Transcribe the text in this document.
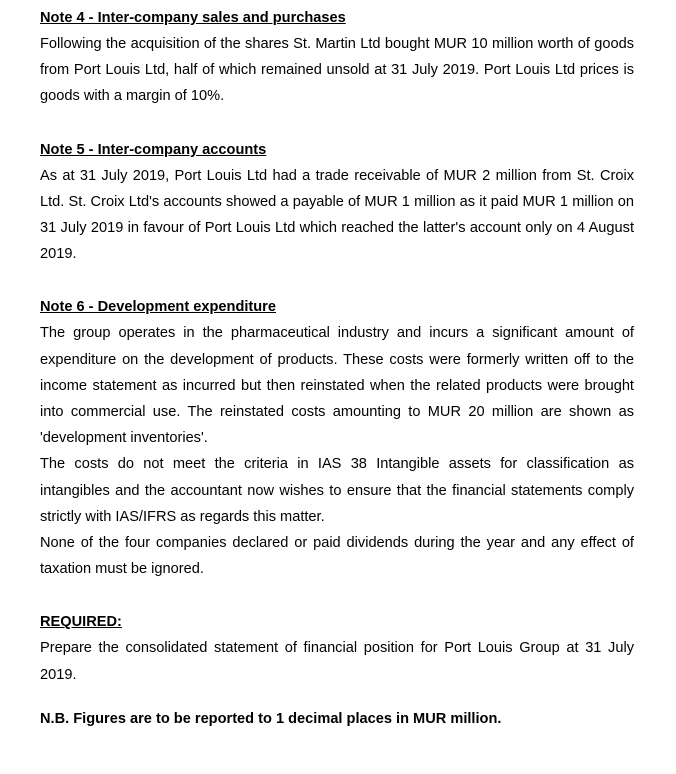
Note 4 - Inter-company sales and purchases

Following the acquisition of the shares St. Martin Ltd bought MUR 10 million worth of goods from Port Louis Ltd, half of which remained unsold at 31 July 2019. Port Louis Ltd prices is goods with a margin of 10%.

Note 5 - Inter-company accounts

As at 31 July 2019, Port Louis Ltd had a trade receivable of MUR 2 million from St. Croix Ltd. St. Croix Ltd's accounts showed a payable of MUR 1 million as it paid MUR 1 million on 31 July 2019 in favour of Port Louis Ltd which reached the latter's account only on 4 August 2019.

Note 6 - Development expenditure

The group operates in the pharmaceutical industry and incurs a significant amount of expenditure on the development of products. These costs were formerly written off to the income statement as incurred but then reinstated when the related products were brought into commercial use. The reinstated costs amounting to MUR 20 million are shown as 'development inventories'.

The costs do not meet the criteria in IAS 38 Intangible assets for classification as intangibles and the accountant now wishes to ensure that the financial statements comply strictly with IAS/IFRS as regards this matter.

None of the four companies declared or paid dividends during the year and any effect of taxation must be ignored.

REQUIRED:

Prepare the consolidated statement of financial position for Port Louis Group at 31 July 2019.

N.B. Figures are to be reported to 1 decimal places in MUR million.
